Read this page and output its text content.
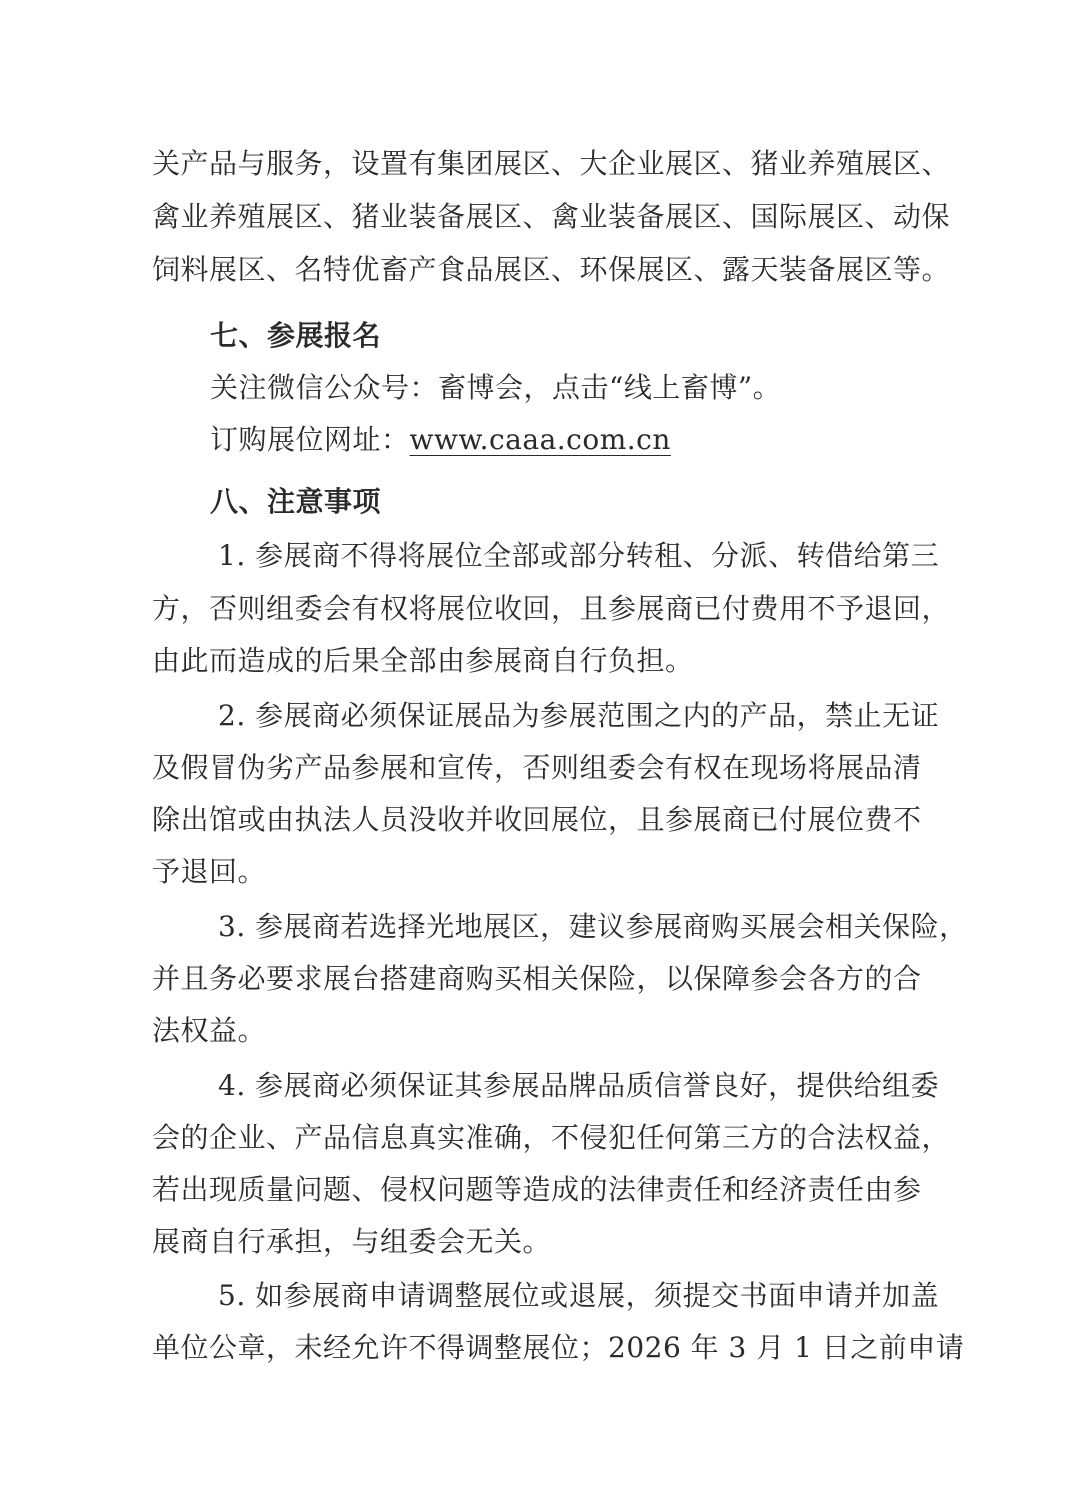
关产品与服务，设置有集团展区、大企业展区、猪业养殖展区、
禽业养殖展区、猪业装备展区、禽业装备展区、国际展区、动保
饲料展区、名特优畜产食品展区、环保展区、露天装备展区等。
七、参展报名
关注微信公众号：畜博会，点击“线上畜博”。
订购展位网址：www.caaa.com.cn
八、注意事项
1. 参展商不得将展位全部或部分转租、分派、转借给第三
方，否则组委会有权将展位收回，且参展商已付费用不予退回，
由此而造成的后果全部由参展商自行负担。
2. 参展商必须保证展品为参展范围之内的产品，禁止无证
及假冒伪劣产品参展和宣传，否则组委会有权在现场将展品清
除出馆或由执法人员没收并收回展位，且参展商已付展位费不
予退回。
3. 参展商若选择光地展区，建议参展商购买展会相关保险，
并且务必要求展台搭建商购买相关保险，以保障参会各方的合
法权益。
4. 参展商必须保证其参展品牌品质信誉良好，提供给组委
会的企业、产品信息真实准确，不侵犯任何第三方的合法权益，
若出现质量问题、侵权问题等造成的法律责任和经济责任由参
展商自行承担，与组委会无关。
5. 如参展商申请调整展位或退展，须提交书面申请并加盖
单位公章，未经允许不得调整展位；2026 年 3 月 1 日之前申请
